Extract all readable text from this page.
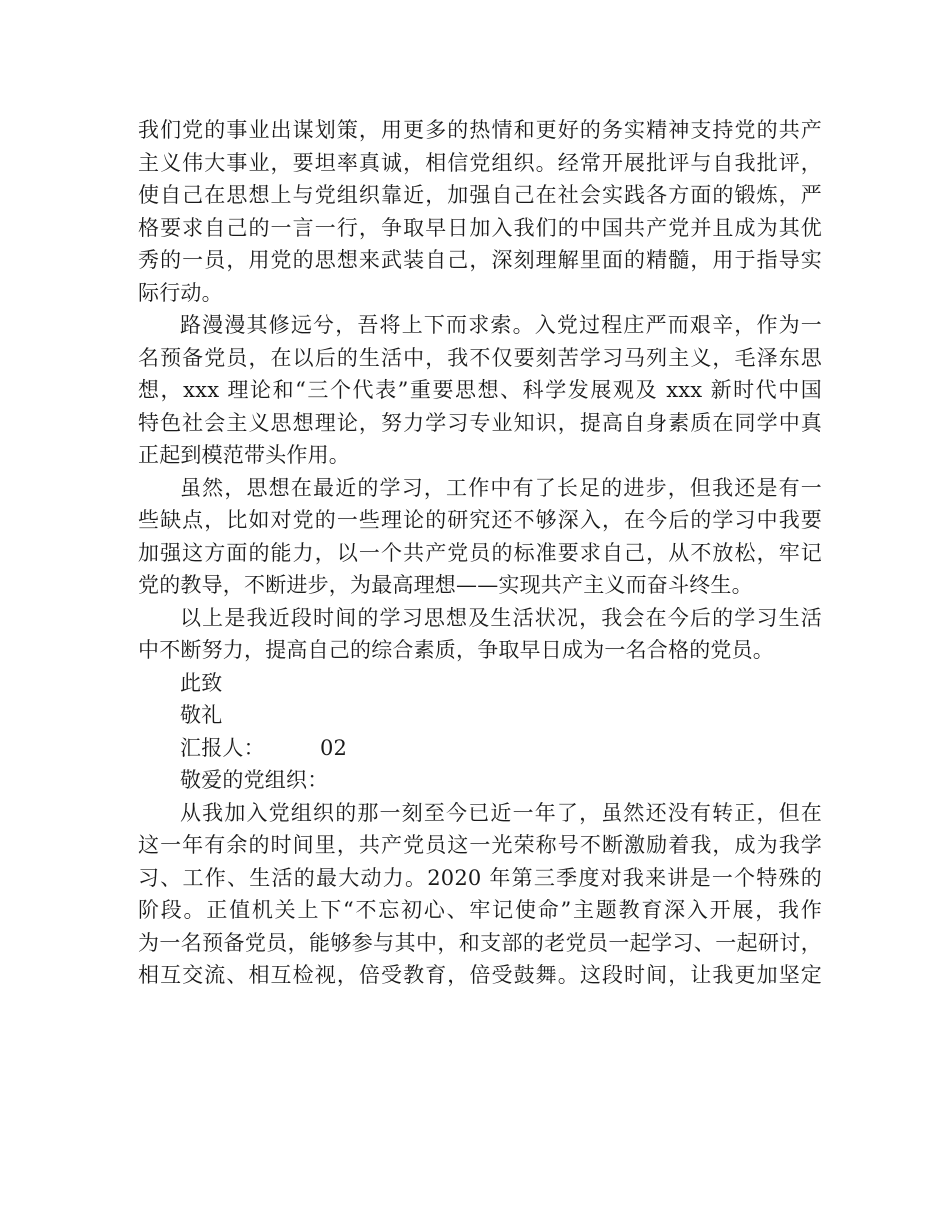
我们党的事业出谋划策，用更多的热情和更好的务实精神支持党的共产
主义伟大事业，要坦率真诚，相信党组织。经常开展批评与自我批评，
使自己在思想上与党组织靠近，加强自己在社会实践各方面的锻炼，严
格要求自己的一言一行，争取早日加入我们的中国共产党并且成为其优
秀的一员，用党的思想来武装自己，深刻理解里面的精髓，用于指导实
际行动。
路漫漫其修远兮，吾将上下而求索。入党过程庄严而艰辛，作为一
名预备党员，在以后的生活中，我不仅要刻苦学习马列主义，毛泽东思
想，xxx 理论和“三个代表”重要思想、科学发展观及 xxx 新时代中国
特色社会主义思想理论，努力学习专业知识，提高自身素质在同学中真
正起到模范带头作用。
虽然，思想在最近的学习，工作中有了长足的进步，但我还是有一
些缺点，比如对党的一些理论的研究还不够深入，在今后的学习中我要
加强这方面的能力，以一个共产党员的标准要求自己，从不放松，牢记
党的教导，不断进步，为最高理想——实现共产主义而奋斗终生。
以上是我近段时间的学习思想及生活状况，我会在今后的学习生活
中不断努力，提高自己的综合素质，争取早日成为一名合格的党员。
此致
敬礼
汇报人：	02
敬爱的党组织：
从我加入党组织的那一刻至今已近一年了，虽然还没有转正，但在
这一年有余的时间里，共产党员这一光荣称号不断激励着我，成为我学
习、工作、生活的最大动力。2020 年第三季度对我来讲是一个特殊的
阶段。正值机关上下“不忘初心、牢记使命”主题教育深入开展，我作
为一名预备党员，能够参与其中，和支部的老党员一起学习、一起研讨，
相互交流、相互检视，倍受教育，倍受鼓舞。这段时间，让我更加坚定
